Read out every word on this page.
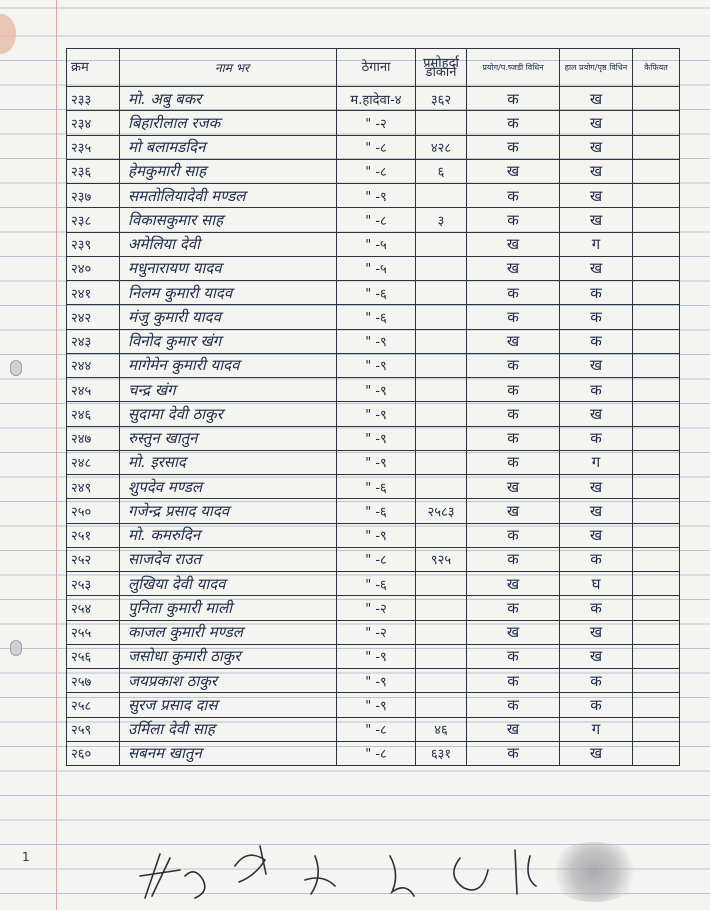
क्रम	नाम भर	ठेगाना	प्रमोहर्दा डोकार्न	प्रयोग/प.ष्जडी विधिन	हाल प्रयोग/पृष्ठ विधिन	कैफियत
२३३	मो. अबु बकर	म.हादेवा-४	३६२	क	ख	
२३४	बिहारीलाल रजक	" -२		क	ख	
२३५	मो बलामडदिन	" -८	४२८	क	ख	
२३६	हेमकुमारी साह	" -८	६	ख	ख	
२३७	समतोलियादेवी मण्डल	" -९		क	ख	
२३८	विकासकुमार साह	" -८	३	क	ख	
२३९	अमेलिया देवी	" -५		ख	ग	
२४०	मधुनारायण यादव	" -५		ख	ख	
२४१	निलम कुमारी यादव	" -६		क	क	
२४२	मंजु कुमारी यादव	" -६		क	क	
२४३	विनोद कुमार खंग	" -९		ख	क	
२४४	मागेमेन कुमारी यादव	" -९		क	ख	
२४५	चन्द्र खंग	" -९		क	क	
२४६	सुदामा देवी ठाकुर	" -९		क	ख	
२४७	रुस्तुन खातुन	" -९		क	क	
२४८	मो. इरसाद	" -९		क	ग	
२४९	शुपदेव मण्डल	" -६		ख	ख	
२५०	गजेन्द्र प्रसाद यादव	" -६	२५८३	ख	ख	
२५१	मो. कमरुदिन	" -९		क	ख	
२५२	साजदेव राउत	" -८	९२५	क	क	
२५३	लुखिया देवी यादव	" -६		ख	घ	
२५४	पुनिता कुमारी माली	" -२		क	क	
२५५	काजल कुमारी मण्डल	" -२		ख	ख	
२५६	जसोधा कुमारी ठाकुर	" -९		क	ख	
२५७	जयप्रकाश ठाकुर	" -९		क	क	
२५८	सुरज प्रसाद दास	" -९		क	क	
२५९	उर्मिला देवी साह	" -८	४६	ख	ग	
२६०	सबनम खातुन	" -८	६३१	क	ख	
1
